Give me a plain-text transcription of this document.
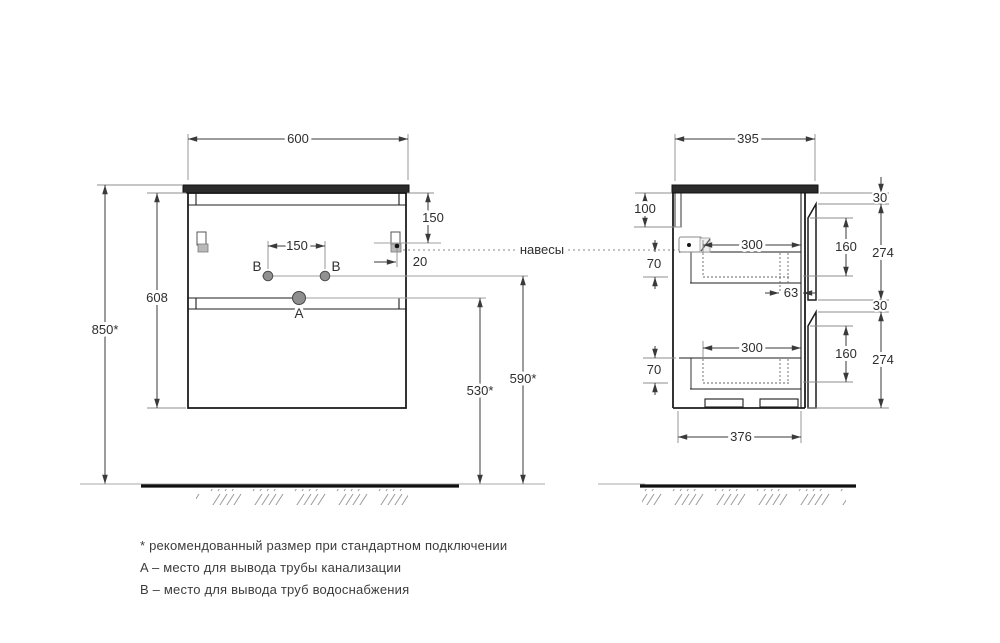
B	B
A
600
850*
608
150
20
150
530*
590*
навесы
395
100
70
300
63
70
300
30
274
160
30
274
160
376
* рекомендованный размер при стандартном подключении
A – место для вывода трубы канализации
B – место для вывода труб водоснабжения
